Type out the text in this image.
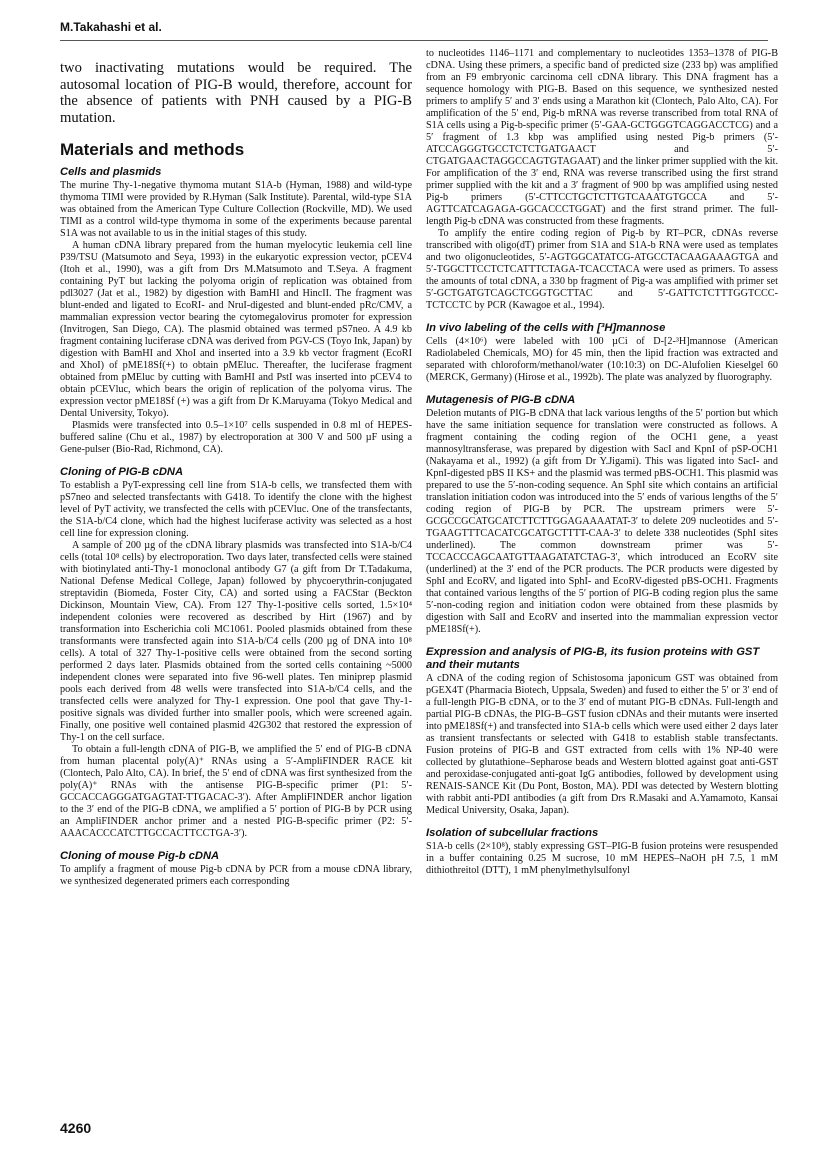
M.Takahashi et al.

two inactivating mutations would be required. The autosomal location of PIG-B would, therefore, account for the absence of patients with PNH caused by a PIG-B mutation.

Materials and methods
Cells and plasmids

The murine Thy-1-negative thymoma mutant S1A-b (Hyman, 1988) and wild-type thymoma TIMI were provided by R.Hyman (Salk Institute). Parental, wild-type S1A was obtained from the American Type Culture Collection (Rockville, MD). We used TIMI as a control wild-type thymoma in some of the experiments because parental S1A was not available to us in the initial stages of this study.

A human cDNA library prepared from the human myelocytic leukemia cell line P39/TSU (Matsumoto and Seya, 1993) in the eukaryotic expression vector, pCEV4 (Itoh et al., 1990), was a gift from Drs M.Matsumoto and T.Seya. A fragment containing PyT but lacking the polyoma origin of replication was obtained from pdl3027 (Jat et al., 1982) by digestion with BamHI and HincII. The fragment was blunt-ended and ligated to EcoRI- and NruI-digested and blunt-ended pRc/CMV, a mammalian expression vector bearing the cytomegalovirus promoter for expression (Invitrogen, San Diego, CA). The plasmid obtained was termed pS7neo. A 4.9 kb fragment containing luciferase cDNA was derived from PGV-CS (Toyo Ink, Japan) by digestion with BamHI and XhoI and inserted into a 3.9 kb vector fragment (EcoRI and XhoI) of pME18Sf(+) to obtain pMEluc. Thereafter, the luciferase fragment obtained from pMEluc by cutting with BamHI and PstI was inserted into pCEV4 to obtain pCEVluc, which bears the origin of replication of the polyoma virus. The expression vector pME18Sf (+) was a gift from Dr K.Maruyama (Tokyo Medical and Dental University, Tokyo).

Plasmids were transfected into 0.5–1×10⁷ cells suspended in 0.8 ml of HEPES-buffered saline (Chu et al., 1987) by electroporation at 300 V and 500 µF using a Gene-pulser (Bio-Rad, Richmond, CA).

Cloning of PIG-B cDNA

To establish a PyT-expressing cell line from S1A-b cells, we transfected them with pS7neo and selected transfectants with G418. To identify the clone with the highest level of PyT activity, we transfected the cells with pCEVluc. One of the transfectants, the S1A-b/C4 clone, which had the highest luciferase activity was selected as a host cell line for expression cloning.

A sample of 200 µg of the cDNA library plasmids was transfected into S1A-b/C4 cells (total 10⁸ cells) by electroporation. Two days later, transfected cells were stained with biotinylated anti-Thy-1 monoclonal antibody G7 (a gift from Dr T.Tadakuma, National Defense Medical College, Japan) followed by phycoerythrin-conjugated streptavidin (Biomeda, Foster City, CA) and sorted using a FACStar (Beckton Dickinson, Mountain View, CA). From 127 Thy-1-positive cells sorted, 1.5×10⁴ independent colonies were recovered as described by Hirt (1967) and by transformation into Escherichia coli MC1061. Pooled plasmids obtained from these transformants were transfected again into S1A-b/C4 cells (200 µg of DNA into 10⁸ cells). A total of 327 Thy-1-positive cells were obtained from the second sorting performed 2 days later. Plasmids obtained from the sorted cells containing ~5000 independent clones were separated into five 96-well plates. Ten miniprep plasmid pools each derived from 48 wells were transfected into S1A-b/C4 cells, and the transfected cells were analyzed for Thy-1 expression. One pool that gave Thy-1-positive signals was divided further into smaller pools, which were screened again. Finally, one positive well contained plasmid 42G302 that restored the expression of Thy-1 on the cell surface.

To obtain a full-length cDNA of PIG-B, we amplified the 5′ end of PIG-B cDNA from human placental poly(A)⁺ RNAs using a 5′-AmpliFINDER RACE kit (Clontech, Palo Alto, CA). In brief, the 5′ end of cDNA was first synthesized from the poly(A)⁺ RNAs with the antisense PIG-B-specific primer (P1: 5′-GCCACCAGGGATGAGTAT-TTGACAC-3′). After AmpliFINDER anchor ligation to the 3′ end of the PIG-B cDNA, we amplified a 5′ portion of PIG-B by PCR using an AmpliFINDER anchor primer and a nested PIG-B-specific primer (P2: 5′-AAACACCCATCTTGCCACTTCCTGA-3′).

Cloning of mouse Pig-b cDNA

To amplify a fragment of mouse Pig-b cDNA by PCR from a mouse cDNA library, we synthesized degenerated primers each corresponding

to nucleotides 1146–1171 and complementary to nucleotides 1353–1378 of PIG-B cDNA. Using these primers, a specific band of predicted size (233 bp) was amplified from an F9 embryonic carcinoma cell cDNA library. This DNA fragment has a sequence homology with PIG-B. Based on this sequence, we synthesized nested primers to amplify 5′ and 3′ ends using a Marathon kit (Clontech, Palo Alto, CA). For amplification of the 5′ end, Pig-b mRNA was reverse transcribed from total RNA of S1A cells using a Pig-b-specific primer (5′-GAA-GCTGGGTCAGGACCTCG) and a 5′ fragment of 1.3 kbp was amplified using nested Pig-b primers (5′-ATCCAGGGTGCCTCTCTGATGAACT and 5′-CTGATGAACTAGGCCAGTGTAGAAT) and the linker primer supplied with the kit. For amplification of the 3′ end, RNA was reverse transcribed using the first strand primer supplied with the kit and a 3′ fragment of 900 bp was amplified using nested Pig-b primers (5′-CTTCCTGCTCTTGTCAAATGTGCCA and 5′-AGTTCATCAGAGA-GGCACCCTGGAT) and the first strand primer. The full-length Pig-b cDNA was constructed from these fragments.

To amplify the entire coding region of Pig-b by RT–PCR, cDNAs reverse transcribed with oligo(dT) primer from S1A and S1A-b RNA were used as templates and two oligonucleotides, 5′-AGTGGCATATCG-ATGCCTACAAGAAAGTGA and 5′-TGGCTTCCTCTCATTTCTAGA-TCACCTACA were used as primers. To assess the amounts of total cDNA, a 330 bp fragment of Pig-a was amplified with primer set 5′-GCTGATGTCAGCTCGGTGCTTAC and 5′-GATTCTCTTTGGTCCC-TCTCCTC by PCR (Kawagoe et al., 1994).

In vivo labeling of the cells with [³H]mannose

Cells (4×10⁶) were labeled with 100 µCi of D-[2-³H]mannose (American Radiolabeled Chemicals, MO) for 45 min, then the lipid fraction was extracted and separated with chloroform/methanol/water (10:10:3) on DC-Alufolien Kieselgel 60 (MERCK, Germany) (Hirose et al., 1992b). The plate was analyzed by fluorography.

Mutagenesis of PIG-B cDNA

Deletion mutants of PIG-B cDNA that lack various lengths of the 5′ portion but which have the same initiation sequence for translation were constructed as follows. A fragment containing the coding region of the OCH1 gene, a yeast mannosyltransferase, was prepared by digestion with SacI and KpnI of pSP-OCH1 (Nakayama et al., 1992) (a gift from Dr Y.Jigami). This was ligated into SacI- and KpnI-digested pBS II KS+ and the plasmid was termed pBS-OCH1. This plasmid was prepared to use the 5′-non-coding sequence. An SphI site which contains an artificial translation initiation codon was introduced into the 5′ ends of various lengths of the 5′ coding region of PIG-B by PCR. The upstream primers were 5′-GCGCCGCATGCATCTTCTTGGAGAAAATAT-3′ to delete 209 nucleotides and 5′-TGAAGTTTCACATCGCATGCTTTT-CAA-3′ to delete 338 nucleotides (SphI sites underlined). The common downstream primer was 5′-TCCACCCAGCAATGTTAAGATATCTAG-3′, which introduced an EcoRV site (underlined) at the 3′ end of the PCR products. The PCR products were digested by SphI and EcoRV, and ligated into SphI- and EcoRV-digested pBS-OCH1. Fragments that contained various lengths of the 5′ portion of PIG-B coding region plus the same 5′-non-coding region and initiation codon were obtained from these plasmids by digestion with SalI and EcoRV and inserted into the mammalian expression vector pME18Sf(+).

Expression and analysis of PIG-B, its fusion proteins with GST and their mutants

A cDNA of the coding region of Schistosoma japonicum GST was obtained from pGEX4T (Pharmacia Biotech, Uppsala, Sweden) and fused to either the 5′ or 3′ end of a full-length PIG-B cDNA, or to the 3′ end of mutant PIG-B cDNAs. Full-length and partial PIG-B cDNAs, the PIG-B–GST fusion cDNAs and their mutants were inserted into pME18Sf(+) and transfected into S1A-b cells which were used either 2 days later as transient transfectants or selected with G418 to establish stable transfectants. Fusion proteins of PIG-B and GST extracted from cells with 1% NP-40 were collected by glutathione–Sepharose beads and Western blotted against goat anti-GST and peroxidase-conjugated anti-goat IgG antibodies, followed by development using RENAIS-SANCE Kit (Du Pont, Boston, MA). PDI was detected by Western blotting with rabbit anti-PDI antibodies (a gift from Drs R.Masaki and A.Yamamoto, Kansai Medical University, Osaka, Japan).

Isolation of subcellular fractions

S1A-b cells (2×10⁸), stably expressing GST–PIG-B fusion proteins were resuspended in a buffer containing 0.25 M sucrose, 10 mM HEPES–NaOH pH 7.5, 1 mM dithiothreitol (DTT), 1 mM phenylmethylsulfonyl

4260
